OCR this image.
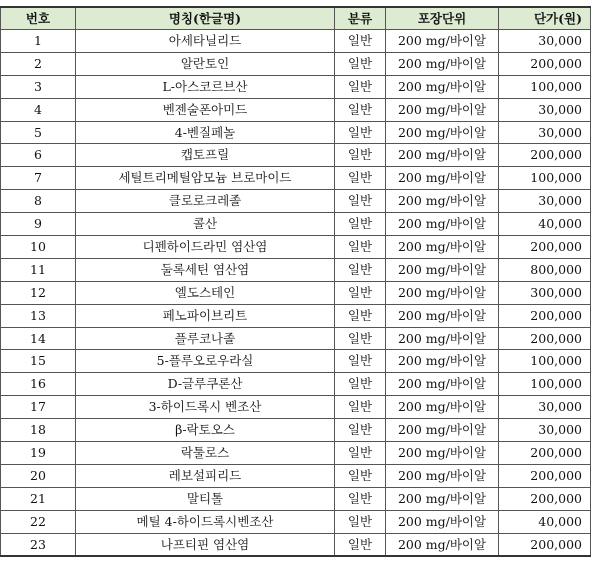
번호	명칭(한글명)	분류	포장단위	단가(원)
1	아세타닐리드	일반	200 mg/바이알	30,000
2	알란토인	일반	200 mg/바이알	200,000
3	L-아스코르브산	일반	200 mg/바이알	100,000
4	벤젠술폰아미드	일반	200 mg/바이알	30,000
5	4-벤질페놀	일반	200 mg/바이알	30,000
6	캡토프릴	일반	200 mg/바이알	200,000
7	세틸트리메틸암모늄 브로마이드	일반	200 mg/바이알	100,000
8	클로로크레졸	일반	200 mg/바이알	30,000
9	콜산	일반	200 mg/바이알	40,000
10	디펜하이드라민 염산염	일반	200 mg/바이알	200,000
11	둘록세틴 염산염	일반	200 mg/바이알	800,000
12	엘도스테인	일반	200 mg/바이알	300,000
13	페노파이브리트	일반	200 mg/바이알	200,000
14	플루코나졸	일반	200 mg/바이알	200,000
15	5-플루오로우라실	일반	200 mg/바이알	100,000
16	D-글루쿠론산	일반	200 mg/바이알	100,000
17	3-하이드록시 벤조산	일반	200 mg/바이알	30,000
18	β-락토오스	일반	200 mg/바이알	30,000
19	락툴로스	일반	200 mg/바이알	200,000
20	레보설피리드	일반	200 mg/바이알	200,000
21	말티톨	일반	200 mg/바이알	200,000
22	메틸 4-하이드록시벤조산	일반	200 mg/바이알	40,000
23	나프티핀 염산염	일반	200 mg/바이알	200,000
